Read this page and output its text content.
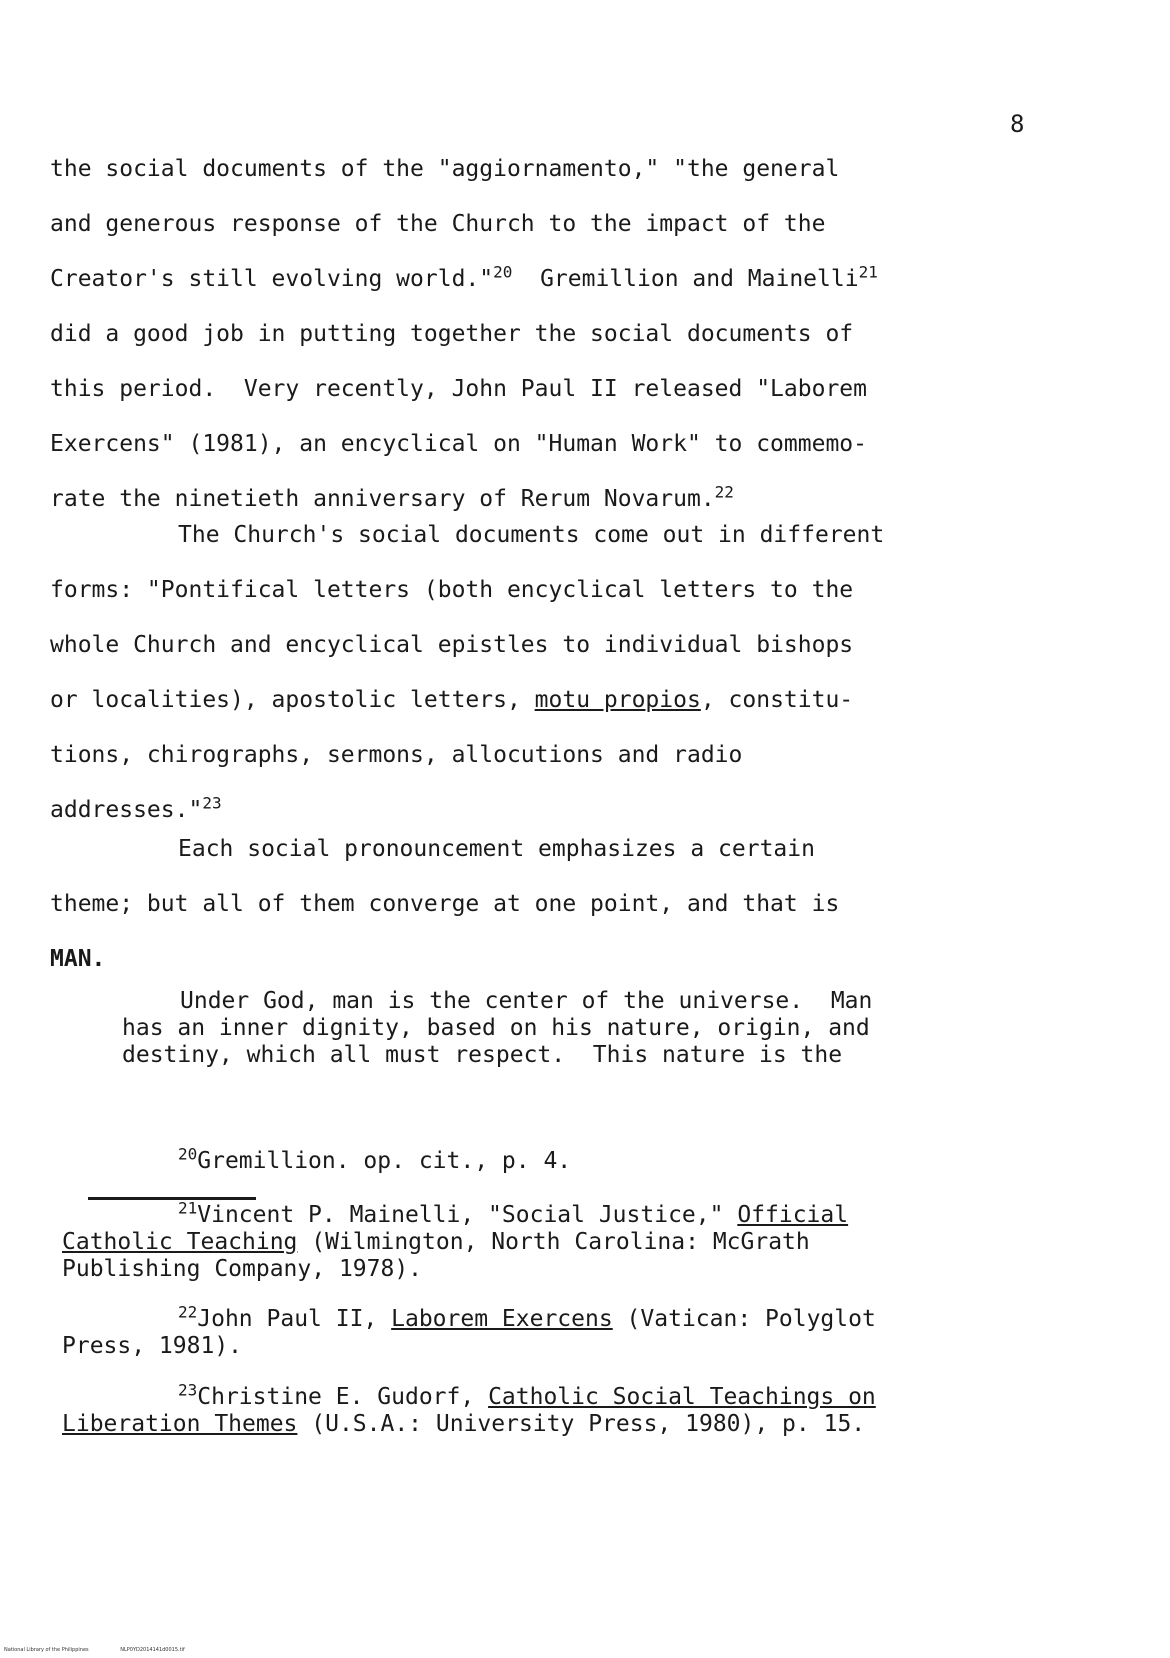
8
the social documents of the "aggiornamento," "the general
and generous response of the Church to the impact of the
Creator's still evolving world."$^{20}$  Gremillion and Mainelli$^{21}$
did a good job in putting together the social documents of
this period.  Very recently, John Paul II released "Laborem
Exercens" (1981), an encyclical on "Human Work" to commemo-
rate the ninetieth anniversary of Rerum Novarum.$^{22}$
The Church's social documents come out in different
forms: "Pontifical letters (both encyclical letters to the
whole Church and encyclical epistles to individual bishops
or localities), apostolic letters, motu propios, constitu-
tions, chirographs, sermons, allocutions and radio
addresses."$^{23}$
Each social pronouncement emphasizes a certain
theme; but all of them converge at one point, and that is
MAN.
Under God, man is the center of the universe.  Man
has an inner dignity, based on his nature, origin, and
destiny, which all must respect.  This nature is the
$^{20}$Gremillion. op. cit., p. 4.
$^{21}$Vincent P. Mainelli, "Social Justice," Official
Catholic Teaching (Wilmington, North Carolina: McGrath
Publishing Company, 1978).
$^{22}$John Paul II, Laborem Exercens (Vatican: Polyglot
Press, 1981).
$^{23}$Christine E. Gudorf, Catholic Social Teachings on
Liberation Themes (U.S.A.: University Press, 1980), p. 15.
National Library of the Philippines	NLP0YD2014141d0015.tif
